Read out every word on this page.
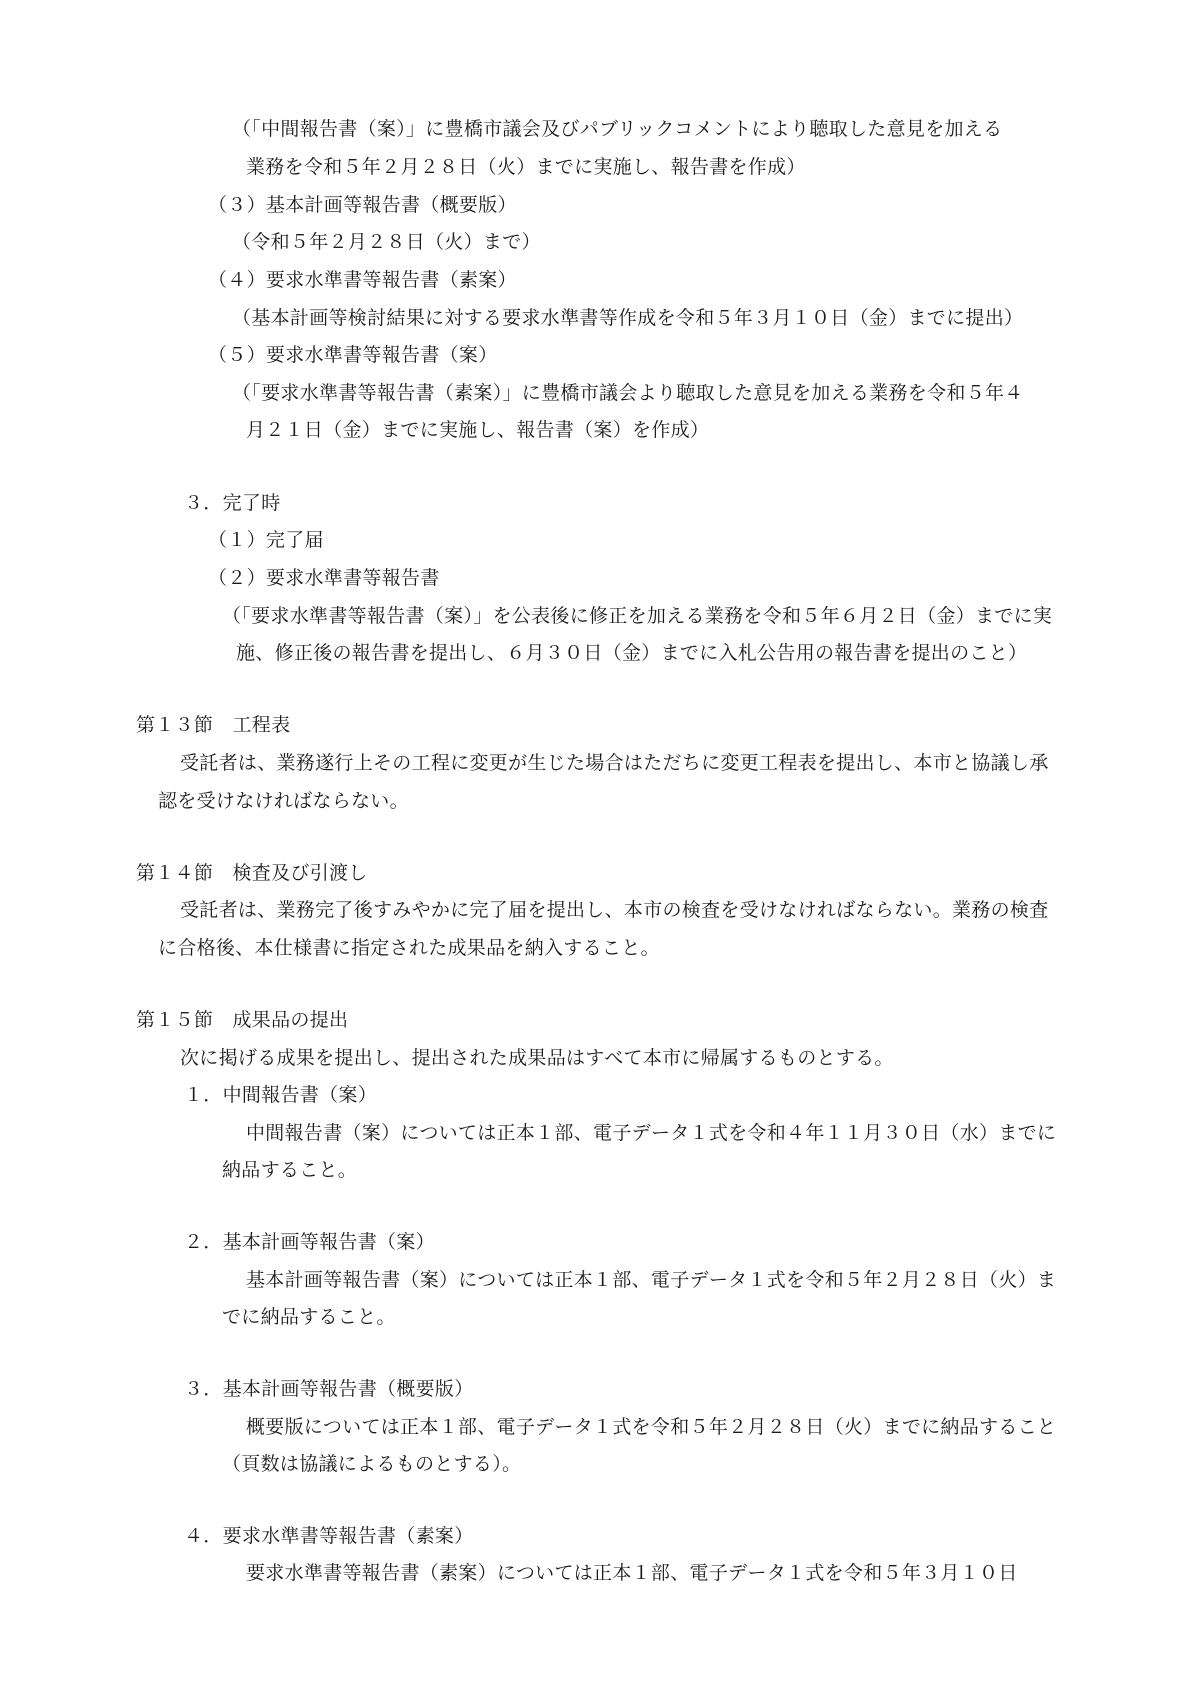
（「中間報告書（案）」に豊橋市議会及びパブリックコメントにより聴取した意見を加える
業務を令和５年２月２８日（火）までに実施し、報告書を作成）
（３）基本計画等報告書（概要版）
（令和５年２月２８日（火）まで）
（４）要求水準書等報告書（素案）
（基本計画等検討結果に対する要求水準書等作成を令和５年３月１０日（金）までに提出）
（５）要求水準書等報告書（案）
（「要求水準書等報告書（素案）」に豊橋市議会より聴取した意見を加える業務を令和５年４
月２１日（金）までに実施し、報告書（案）を作成）
３．完了時
（１）完了届
（２）要求水準書等報告書
（「要求水準書等報告書（案）」を公表後に修正を加える業務を令和５年６月２日（金）までに実
施、修正後の報告書を提出し、６月３０日（金）までに入札公告用の報告書を提出のこと）
第１３節　工程表
受託者は、業務遂行上その工程に変更が生じた場合はただちに変更工程表を提出し、本市と協議し承
認を受けなければならない。
第１４節　検査及び引渡し
受託者は、業務完了後すみやかに完了届を提出し、本市の検査を受けなければならない。業務の検査
に合格後、本仕様書に指定された成果品を納入すること。
第１５節　成果品の提出
次に掲げる成果を提出し、提出された成果品はすべて本市に帰属するものとする。
１．中間報告書（案）
中間報告書（案）については正本１部、電子データ１式を令和４年１１月３０日（水）までに
納品すること。
２．基本計画等報告書（案）
基本計画等報告書（案）については正本１部、電子データ１式を令和５年２月２８日（火）ま
でに納品すること。
３．基本計画等報告書（概要版）
概要版については正本１部、電子データ１式を令和５年２月２８日（火）までに納品すること
（頁数は協議によるものとする）。
４．要求水準書等報告書（素案）
要求水準書等報告書（素案）については正本１部、電子データ１式を令和５年３月１０日
